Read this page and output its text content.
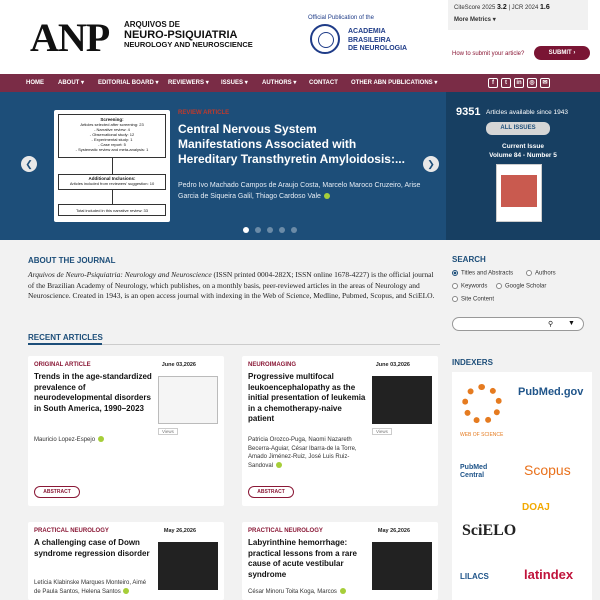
ANP ARQUIVOS DE
NEURO-PSIQUIATRIA
NEUROLOGY AND NEUROSCIENCE
Official Publication of the
ACADEMIA
BRASILEIRA
DE NEUROLOGIA
CiteScore 2025 3.2 | JCR 2024 1.6
More Metrics ▾
How to submit your article?	SUBMIT ›
HOME ABOUT ▾ EDITORIAL BOARD ▾ REVIEWERS ▾ ISSUES ▾ AUTHORS ▾ CONTACT OTHER ABN PUBLICATIONS ▾	f	t	in	◎	✉
❮
Screening:
Articles selected after screening: 23
- Narrative review: 4
- Observational study: 12
- Experimental study: 1
- Case report: 5
- Systematic review and meta-analysis: 1
Additional Inclusions:
Articles included from reviewers' suggestion: 10
Total included in this narrative review: 33
REVIEW ARTICLE
Central Nervous System
Manifestations Associated with
Hereditary Transthyretin Amyloidosis:...
Pedro Ivo Machado Campos de Araujo Costa, Marcelo Maroco Cruzeiro, Arise Garcia de Siqueira Galil, Thiago Cardoso Vale
❯
9351 Articles available since 1943
ALL ISSUES
Current Issue
Volume 84 - Number 5
ABOUT THE JOURNAL
Arquivos de Neuro-Psiquiatria: Neurology and Neuroscience (ISSN printed 0004-282X; ISSN online 1678-4227) is the official journal of the Brazilian Academy of Neurology, which publishes, on a monthly basis, peer-reviewed articles in the areas of Neurology and Neuroscience. Created in 1943, is an open access journal with indexing in the Web of Science, Medline, Pubmed, Scopus, and SciELO.
RECENT ARTICLES
ORIGINAL ARTICLE	June 03,2026
Trends in the age-standardized prevalence of neurodevelopmental disorders in South America, 1990–2023
Mauricio Lopez-Espejo
Views
ABSTRACT
NEUROIMAGING	June 03,2026
Progressive multifocal leukoencephalopathy as the initial presentation of leukemia in a chemotherapy-naive patient
Patricia Orozco-Puga, Naomi Nazareth Becerra-Aguiar, César Ibarra-de la Torre, Amado Jiménez-Ruiz, José Luis Ruiz-Sandoval
Views
ABSTRACT
PRACTICAL NEUROLOGY	May 26,2026
A challenging case of Down syndrome regression disorder
Letícia Klabinske Marques Monteiro, Aimé de Paula Santos, Helena Santos
PRACTICAL NEUROLOGY	May 26,2026
Labyrinthine hemorrhage: practical lessons from a rare cause of acute vestibular syndrome
César Minoru Toita Koga, Marcos
SEARCH
Titles and Abstracts	Authors
Keywords	Google Scholar
Site Content
⚲ ▼
INDEXERS
WEB OF SCIENCE
PubMed.gov
PubMed Central	Scopus
DOAJ
SciELO
LILACS	latindex
